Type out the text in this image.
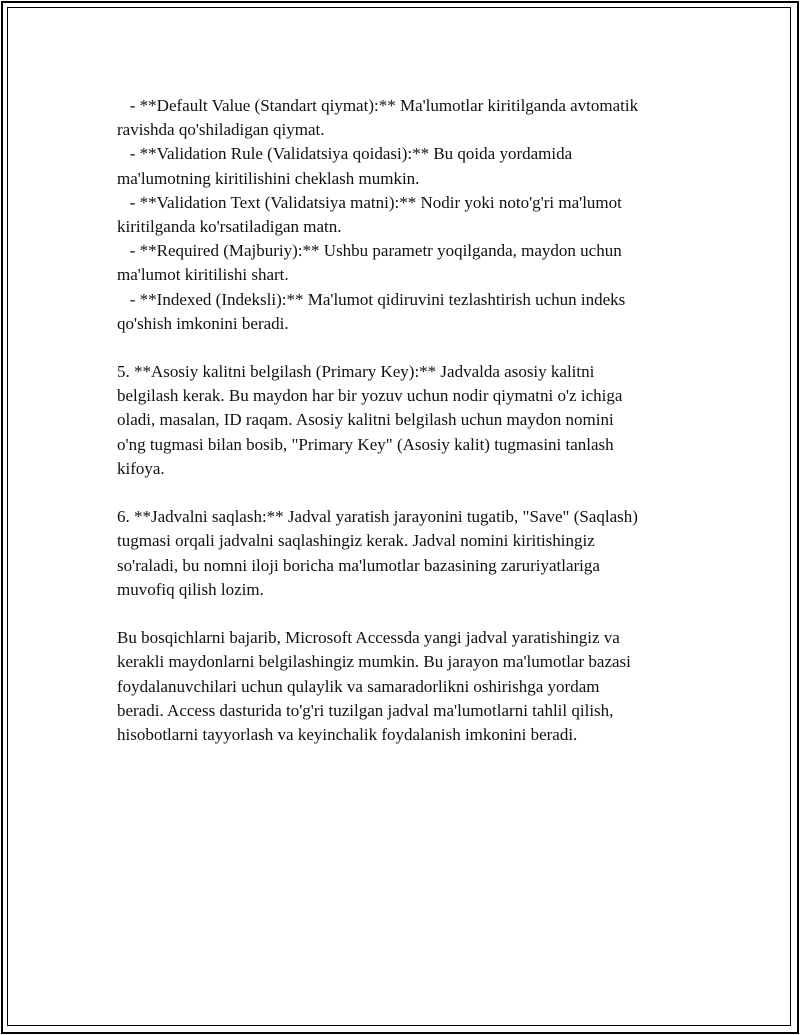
- **Default Value (Standart qiymat):** Ma'lumotlar kiritilganda avtomatik
ravishda qo'shiladigan qiymat.
- **Validation Rule (Validatsiya qoidasi):** Bu qoida yordamida
ma'lumotning kiritilishini cheklash mumkin.
- **Validation Text (Validatsiya matni):** Nodir yoki noto'g'ri ma'lumot
kiritilganda ko'rsatiladigan matn.
- **Required (Majburiy):** Ushbu parametr yoqilganda, maydon uchun
ma'lumot kiritilishi shart.
- **Indexed (Indeksli):** Ma'lumot qidiruvini tezlashtirish uchun indeks
qo'shish imkonini beradi.
5. **Asosiy kalitni belgilash (Primary Key):** Jadvalda asosiy kalitni
belgilash kerak. Bu maydon har bir yozuv uchun nodir qiymatni o'z ichiga
oladi, masalan, ID raqam. Asosiy kalitni belgilash uchun maydon nomini
o'ng tugmasi bilan bosib, "Primary Key" (Asosiy kalit) tugmasini tanlash
kifoya.
6. **Jadvalni saqlash:** Jadval yaratish jarayonini tugatib, "Save" (Saqlash)
tugmasi orqali jadvalni saqlashingiz kerak. Jadval nomini kiritishingiz
so'raladi, bu nomni iloji boricha ma'lumotlar bazasining zaruriyatlariga
muvofiq qilish lozim.
Bu bosqichlarni bajarib, Microsoft Accessda yangi jadval yaratishingiz va
kerakli maydonlarni belgilashingiz mumkin. Bu jarayon ma'lumotlar bazasi
foydalanuvchilari uchun qulaylik va samaradorlikni oshirishga yordam
beradi. Access dasturida to'g'ri tuzilgan jadval ma'lumotlarni tahlil qilish,
hisobotlarni tayyorlash va keyinchalik foydalanish imkonini beradi.
